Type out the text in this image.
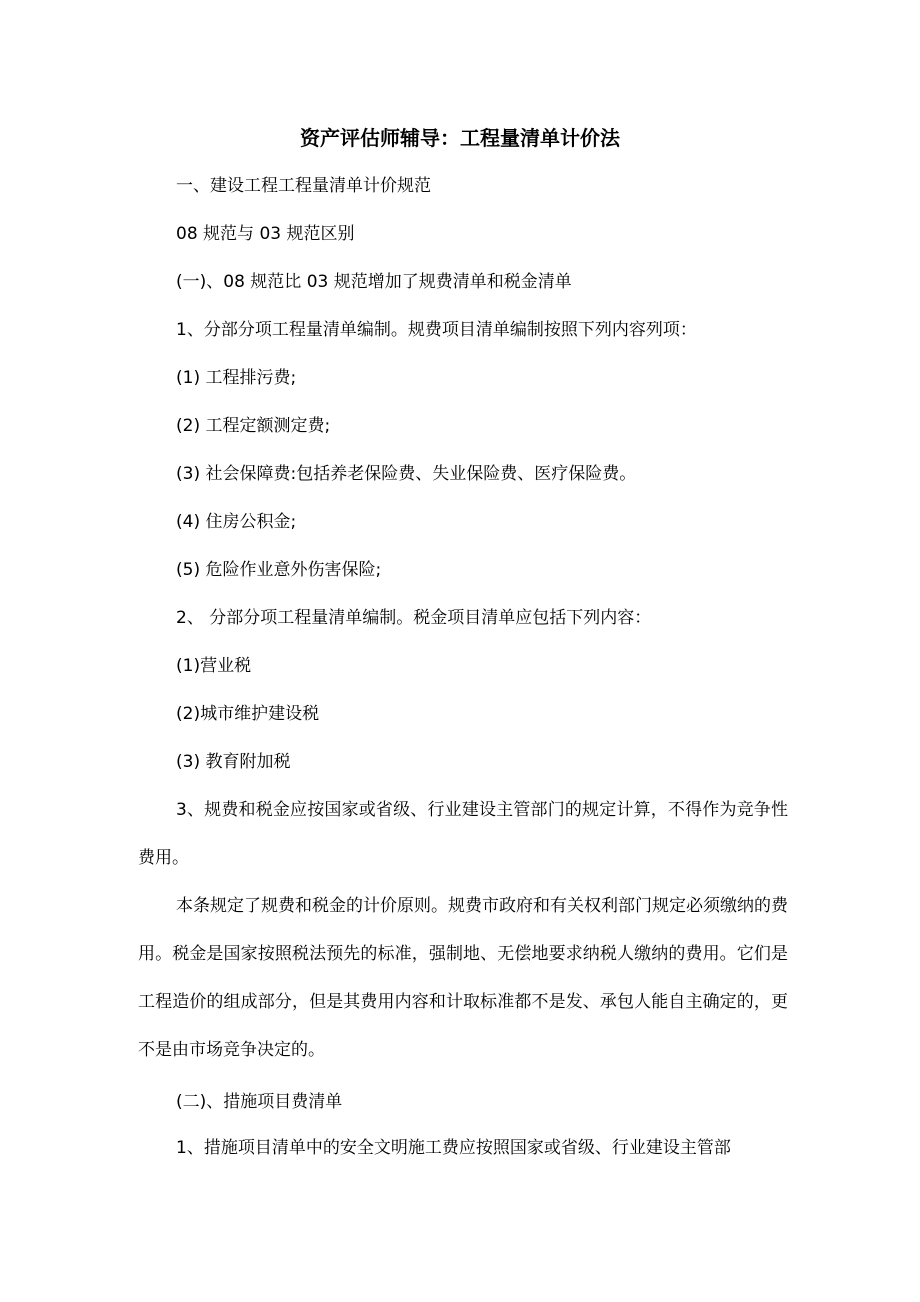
资产评估师辅导：工程量清单计价法

一、建设工程工程量清单计价规范

08 规范与 03 规范区别

(一)、08 规范比 03 规范增加了规费清单和税金清单

1、分部分项工程量清单编制。规费项目清单编制按照下列内容列项：

(1) 工程排污费;

(2) 工程定额测定费;

(3) 社会保障费:包括养老保险费、失业保险费、医疗保险费。

(4) 住房公积金;

(5) 危险作业意外伤害保险;

2、 分部分项工程量清单编制。税金项目清单应包括下列内容：

(1)营业税

(2)城市维护建设税

(3) 教育附加税

3、规费和税金应按国家或省级、行业建设主管部门的规定计算，不得作为竞争性费用。

本条规定了规费和税金的计价原则。规费市政府和有关权利部门规定必须缴纳的费用。税金是国家按照税法预先的标准，强制地、无偿地要求纳税人缴纳的费用。它们是工程造价的组成部分，但是其费用内容和计取标准都不是发、承包人能自主确定的，更不是由市场竞争决定的。

(二)、措施项目费清单

1、措施项目清单中的安全文明施工费应按照国家或省级、行业建设主管部
